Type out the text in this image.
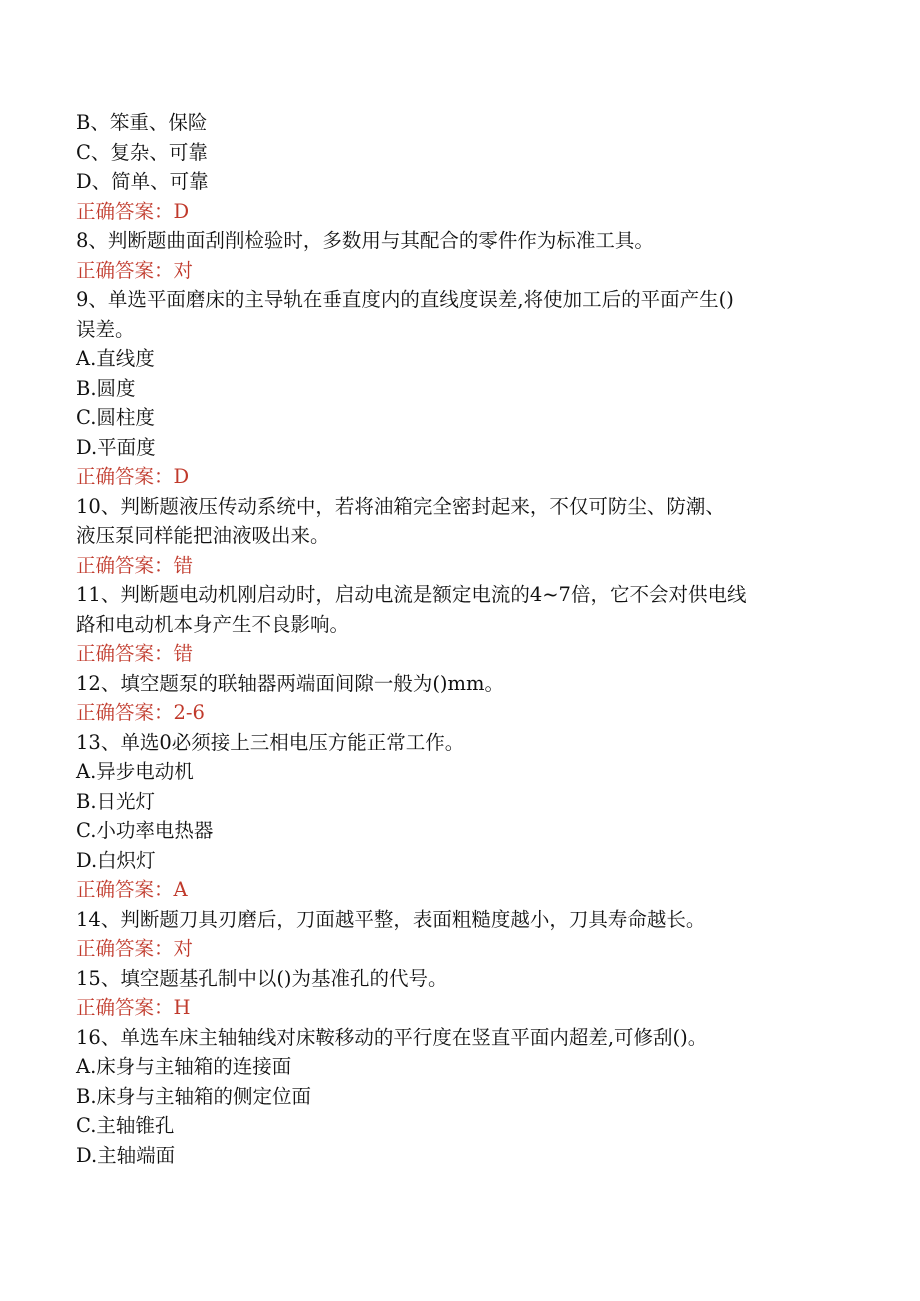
B、笨重、保险
C、复杂、可靠
D、简单、可靠
正确答案：D
8、判断题曲面刮削检验时，多数用与其配合的零件作为标准工具。
正确答案：对
9、单选平面磨床的主导轨在垂直度内的直线度误差,将使加工后的平面产生()
误差。
A.直线度
B.圆度
C.圆柱度
D.平面度
正确答案：D
10、判断题液压传动系统中，若将油箱完全密封起来，不仅可防尘、防潮、
液压泵同样能把油液吸出来。
正确答案：错
11、判断题电动机刚启动时，启动电流是额定电流的4~7倍，它不会对供电线
路和电动机本身产生不良影响。
正确答案：错
12、填空题泵的联轴器两端面间隙一般为()mm。
正确答案：2-6
13、单选0必须接上三相电压方能正常工作。
A.异步电动机
B.日光灯
C.小功率电热器
D.白炽灯
正确答案：A
14、判断题刀具刃磨后，刀面越平整，表面粗糙度越小，刀具寿命越长。
正确答案：对
15、填空题基孔制中以()为基准孔的代号。
正确答案：H
16、单选车床主轴轴线对床鞍移动的平行度在竖直平面内超差,可修刮()。
A.床身与主轴箱的连接面
B.床身与主轴箱的侧定位面
C.主轴锥孔
D.主轴端面
